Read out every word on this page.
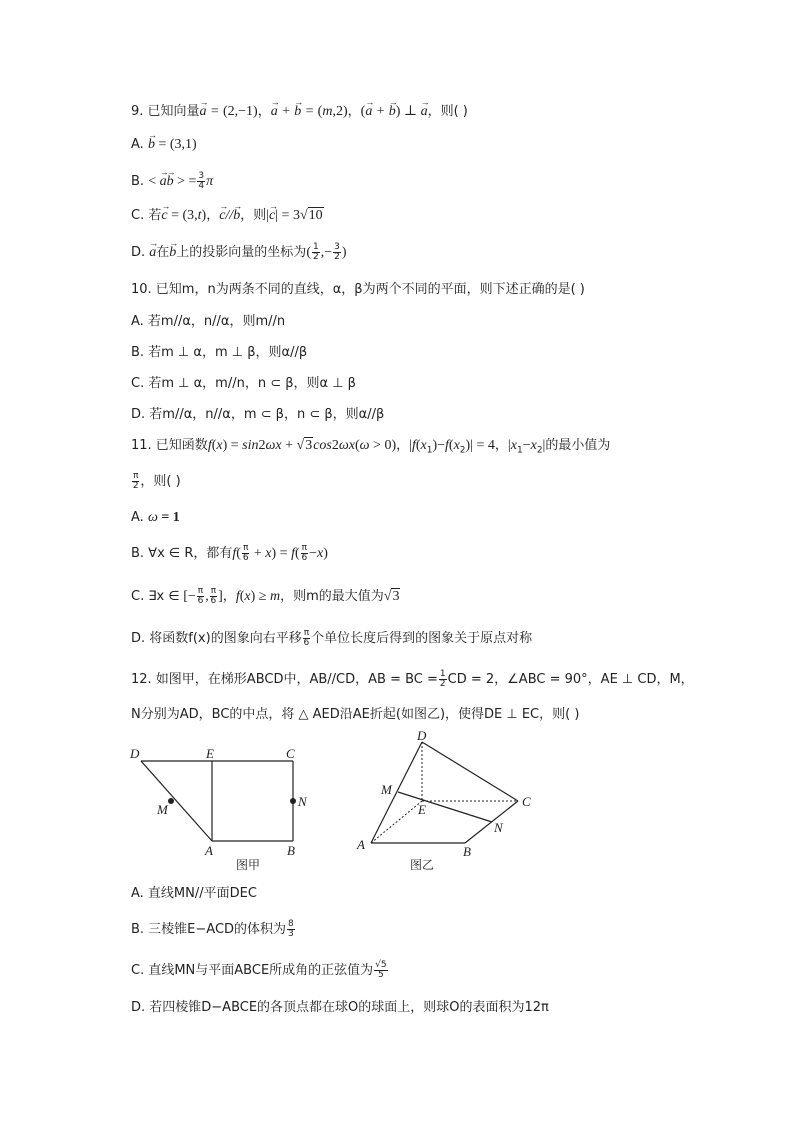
9. 已知向量→ a = (2,−1)，→ a + → b = (m,2)，(→ a + → b) ⊥ → a，则( )
A. → b = (3,1)
B. < → a→ b > = $\frac{3}{4}$ π
C. 若→ c = (3,t)，→ c//→ b，则|→ c| = 3√10
D. → a在→ b上的投影向量的坐标为( $\frac{1}{2}$ ,− $\frac{3}{2}$ )
10. 已知m，n为两条不同的直线，α，β为两个不同的平面，则下述正确的是( )
A. 若m//α，n//α，则m//n
B. 若m ⊥ α，m ⊥ β，则α//β
C. 若m ⊥ α，m//n，n ⊂ β，则α ⊥ β
D. 若m//α，n//α，m ⊂ β，n ⊂ β，则α//β
11. 已知函数f(x) = sin2ωx + √3cos2ωx(ω > 0)，$|f(x_1)-f(x_2)| = 4$，$|x_1-x_2|$的最小值为
$\frac{\pi}{2}$ ，则( )
A. ω = 1
B. ∀x ∈ R，都有$f( \frac{\pi}{6} + x) = f( \frac{\pi}{6} -x)$
C. ∃x ∈ [− $\frac{\pi}{6}$ , $\frac{\pi}{6}$ ]，f(x) ≥ m，则m的最大值为√3
D. 将函数f(x)的图象向右平移 $\frac{\pi}{6}$ 个单位长度后得到的图象关于原点对称
12. 如图甲，在梯形ABCD中，AB//CD，AB = BC = $\frac{1}{2}$ CD = 2，∠ABC = 90°，AE ⊥ CD，M，
N分别为AD，BC的中点，将 △ AED沿AE折起(如图乙)，使得DE ⊥ EC，则( )
D	E	C
M
N
A	B
图甲
D
M
E
C
N
A	B
图乙
A. 直线MN//平面DEC
B. 三棱锥E−ACD的体积为 $\frac{8}{3}$
C. 直线MN与平面ABCE所成角的正弦值为 $\frac{√5}{5}$
D. 若四棱锥D−ABCE的各顶点都在球O的球面上，则球O的表面积为12π
